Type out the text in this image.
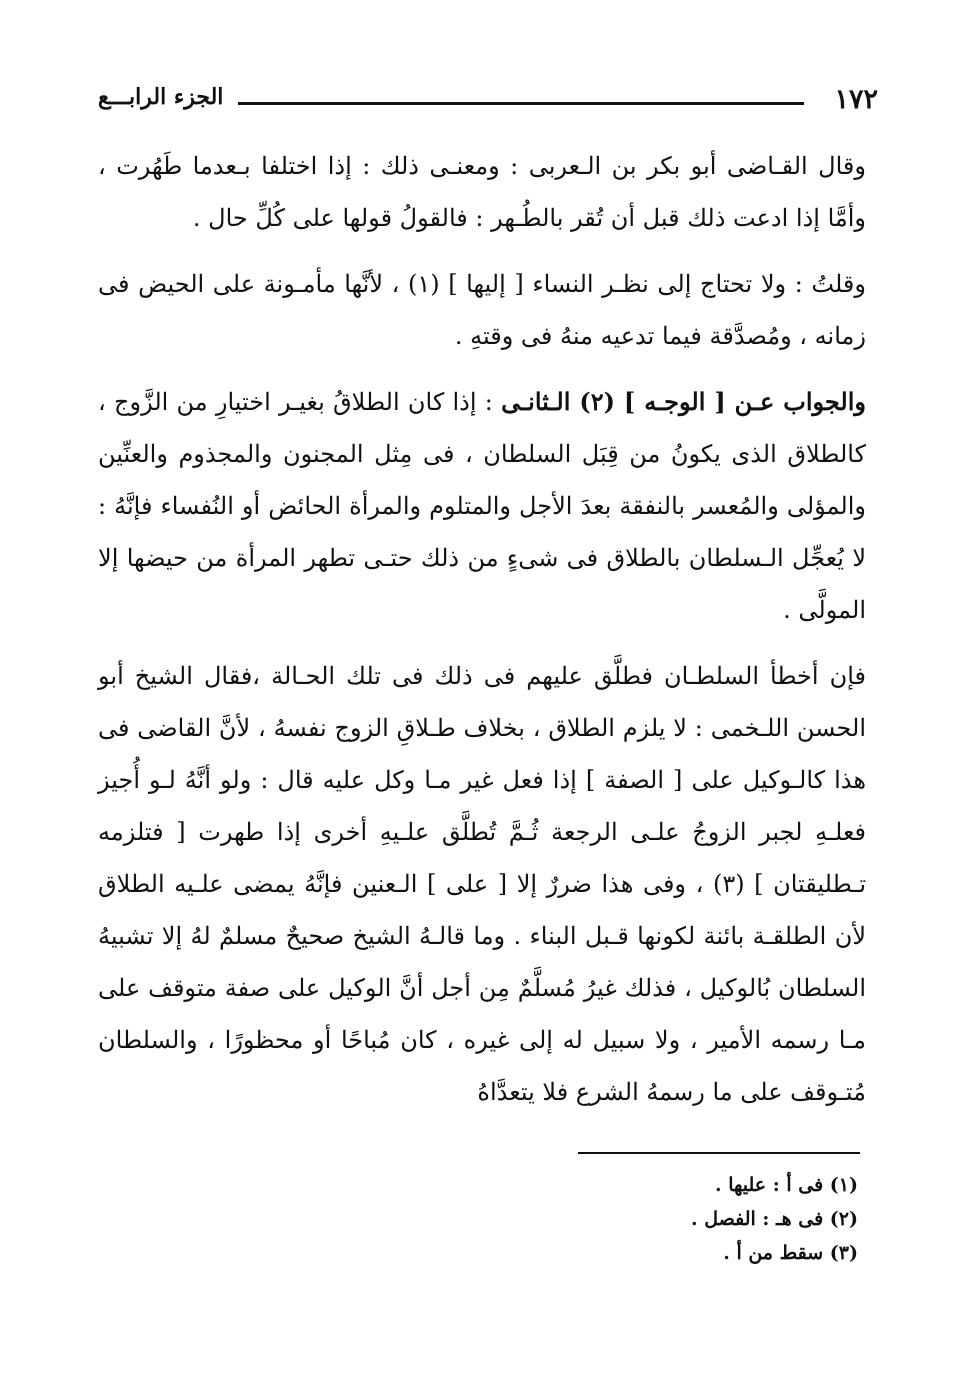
الجزء الرابـــع	١٧٢

وقال القـاضى أبو بكر بن الـعربى : ومعنـى ذلك : إذا اختلفا بـعدما طَهُرت ، وأمَّا إذا ادعت ذلك قبل أن تُقر بالطُـهر : فالقولُ قولها على كُلِّ حال .

وقلتُ : ولا تحتاج إلى نظـر النساء [ إليها ] (١) ، لأنَّها مأمـونة على الحيض فى زمانه ، ومُصدَّقة فيما تدعيه منهُ فى وقتهِ .

والجواب عـن [ الوجـه ] (٢) الـثانـى : إذا كان الطلاقُ بغيـر اختيارِ من الزَّوج ، كالطلاق الذى يكونُ من قِبَل السلطان ، فى مِثل المجنون والمجذوم والعنِّين والمؤلى والمُعسر بالنفقة بعدَ الأجل والمتلوم والمرأة الحائض أو النُفساء فإنَّهُ : لا يُعجِّل الـسلطان بالطلاق فى شىءٍ من ذلك حتـى تطهر المرأة من حيضها إلا المولَّى .

فإن أخطأ السلطـان فطلَّق عليهم فى ذلك فى تلك الحـالة ،فقال الشيخ أبو الحسن اللـخمى : لا يلزم الطلاق ، بخلاف طـلاقِ الزوج نفسهُ ، لأنَّ القاضى فى هذا كالـوكيل على [ الصفة ] إذا فعل غير مـا وكل عليه قال : ولو أنَّهُ لـو أُجيز فعلـهِ لجبر الزوجُ علـى الرجعة ثُـمَّ تُطلَّق علـيهِ أخرى إذا طهرت [ فتلزمه تـطليقتان ] (٣) ، وفى هذا ضررٌ إلا [ على ] الـعنين فإنَّهُ يمضى علـيه الطلاق لأن الطلقـة بائنة لكونها قـبل البناء . وما قالـهُ الشيخ صحيحٌ مسلمٌ لهُ إلا تشبيهُ السلطان بُالوكيل ، فذلك غيرُ مُسلَّمٌ مِن أجل أنَّ الوكيل على صفة متوقف على مـا رسمه الأمير ، ولا سبيل له إلى غيره ، كان مُباحًا أو محظورًا ، والسلطان مُتـوقف على ما رسمهُ الشرع فلا يتعدَّاهُ

(١) فى أ : عليها .
(٢) فى هـ : الفصل .
(٣) سقط من أ .
